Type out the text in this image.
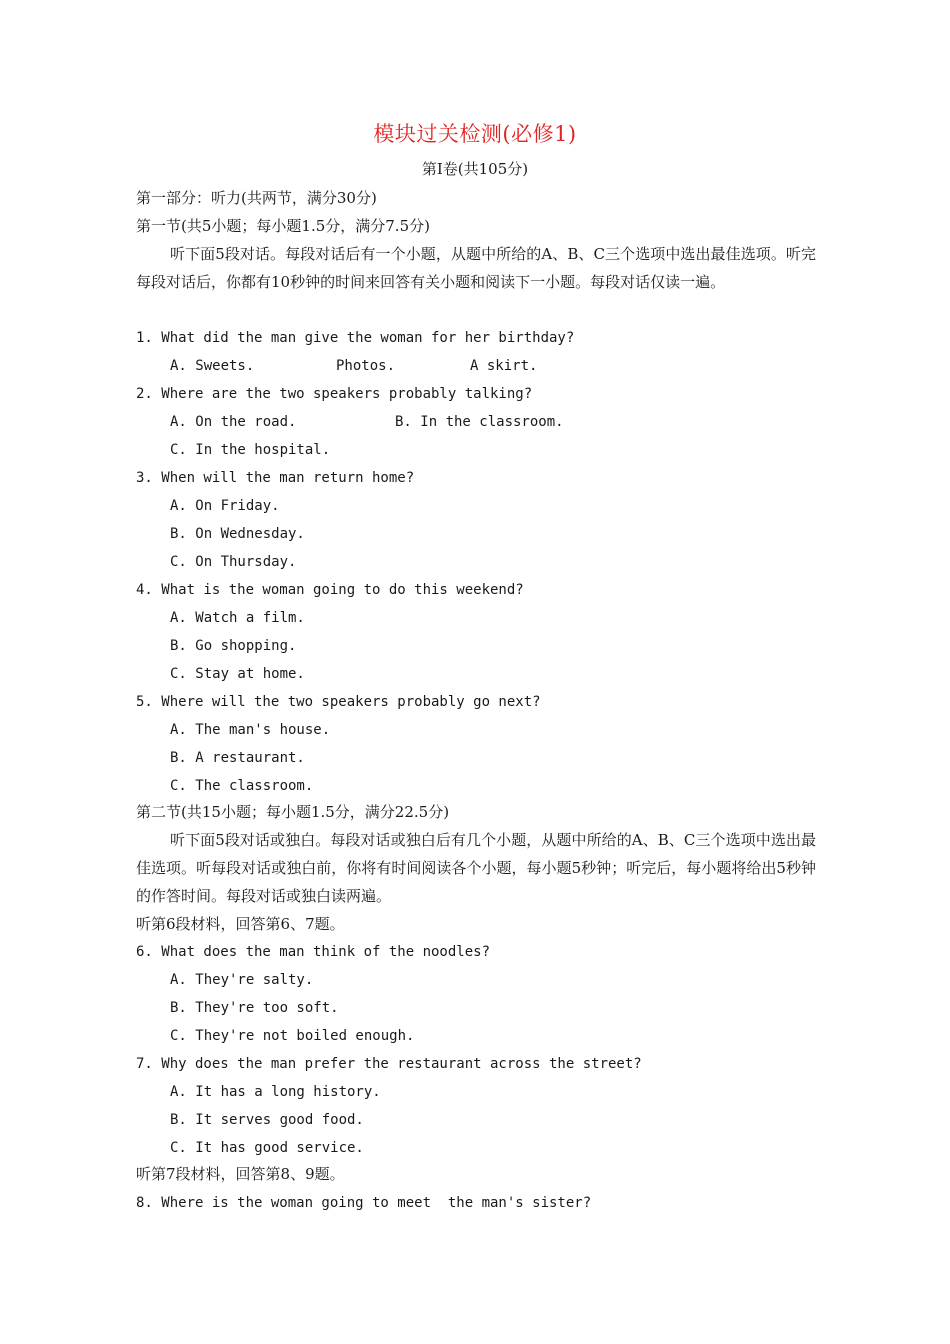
模块过关检测(必修1)
第Ⅰ卷(共105分)
第一部分：听力(共两节，满分30分)
第一节(共5小题；每小题1.5分，满分7.5分)
听下面5段对话。每段对话后有一个小题，从题中所给的A、B、C三个选项中选出最佳选项。听完每段对话后，你都有10秒钟的时间来回答有关小题和阅读下一小题。每段对话仅读一遍。
1. What did the man give the woman for her birthday?
A. Sweets.	Photos.	A skirt.
2. Where are the two speakers probably talking?
A. On the road.	B. In the classroom.
C. In the hospital.
3. When will the man return home?
A. On Friday.
B. On Wednesday.
C. On Thursday.
4. What is the woman going to do this weekend?
A. Watch a film.
B. Go shopping.
C. Stay at home.
5. Where will the two speakers probably go next?
A. The man's house.
B. A restaurant.
C. The classroom.
第二节(共15小题；每小题1.5分，满分22.5分)
听下面5段对话或独白。每段对话或独白后有几个小题，从题中所给的A、B、C三个选项中选出最佳选项。听每段对话或独白前，你将有时间阅读各个小题，每小题5秒钟；听完后，每小题将给出5秒钟的作答时间。每段对话或独白读两遍。
听第6段材料，回答第6、7题。
6. What does the man think of the noodles?
A. They're salty.
B. They're too soft.
C. They're not boiled enough.
7. Why does the man prefer the restaurant across the street?
A. It has a long history.
B. It serves good food.
C. It has good service.
听第7段材料，回答第8、9题。
8. Where is the woman going to meet  the man's sister?
